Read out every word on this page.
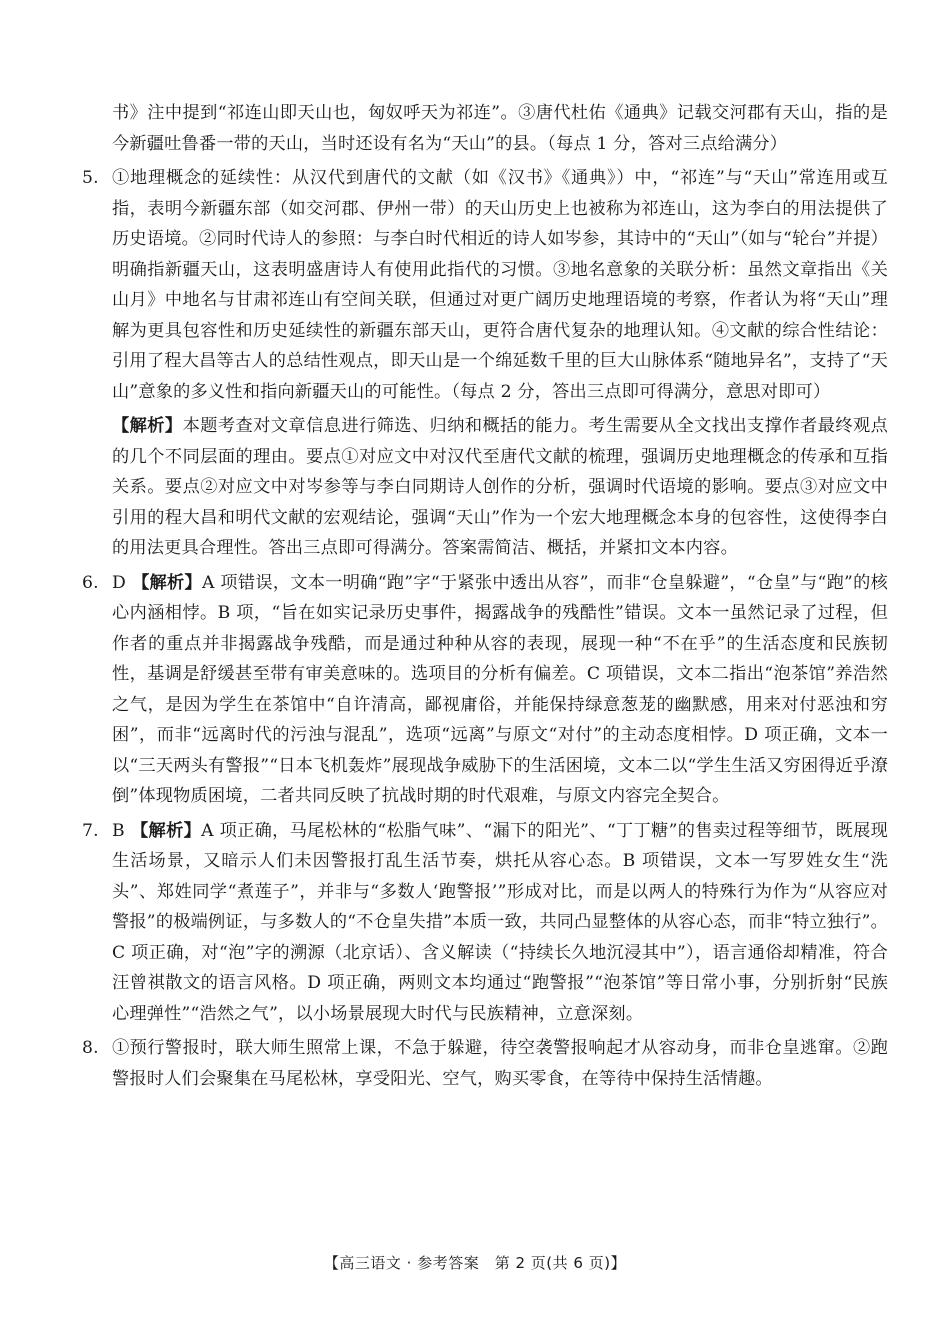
书》注中提到“祁连山即天山也，匈奴呼天为祁连”。③唐代杜佑《通典》记载交河郡有天山，指的是今新疆吐鲁番一带的天山，当时还设有名为“天山”的县。（每点 1 分，答对三点给满分）

5. ①地理概念的延续性：从汉代到唐代的文献（如《汉书》《通典》）中，“祁连”与“天山”常连用或互指，表明今新疆东部（如交河郡、伊州一带）的天山历史上也被称为祁连山，这为李白的用法提供了历史语境。②同时代诗人的参照：与李白时代相近的诗人如岑参，其诗中的“天山”（如与“轮台”并提）明确指新疆天山，这表明盛唐诗人有使用此指代的习惯。③地名意象的关联分析：虽然文章指出《关山月》中地名与甘肃祁连山有空间关联，但通过对更广阔历史地理语境的考察，作者认为将“天山”理解为更具包容性和历史延续性的新疆东部天山，更符合唐代复杂的地理认知。④文献的综合性结论：引用了程大昌等古人的总结性观点，即天山是一个绵延数千里的巨大山脉体系“随地异名”，支持了“天山”意象的多义性和指向新疆天山的可能性。（每点 2 分，答出三点即可得满分，意思对即可）

【解析】本题考查对文章信息进行筛选、归纳和概括的能力。考生需要从全文找出支撑作者最终观点的几个不同层面的理由。要点①对应文中对汉代至唐代文献的梳理，强调历史地理概念的传承和互指关系。要点②对应文中对岑参等与李白同期诗人创作的分析，强调时代语境的影响。要点③对应文中引用的程大昌和明代文献的宏观结论，强调“天山”作为一个宏大地理概念本身的包容性，这使得李白的用法更具合理性。答出三点即可得满分。答案需简洁、概括，并紧扣文本内容。

6. D 【解析】A 项错误，文本一明确“跑”字“于紧张中透出从容”，而非“仓皇躲避”，“仓皇”与“跑”的核心内涵相悖。B 项，“旨在如实记录历史事件，揭露战争的残酷性”错误。文本一虽然记录了过程，但作者的重点并非揭露战争残酷，而是通过种种从容的表现，展现一种“不在乎”的生活态度和民族韧性，基调是舒缓甚至带有审美意味的。选项目的分析有偏差。C 项错误，文本二指出“泡茶馆”养浩然之气，是因为学生在茶馆中“自许清高，鄙视庸俗，并能保持绿意葱茏的幽默感，用来对付恶浊和穷困”，而非“远离时代的污浊与混乱”，选项“远离”与原文“对付”的主动态度相悖。D 项正确，文本一以“三天两头有警报”“日本飞机轰炸”展现战争威胁下的生活困境，文本二以“学生生活又穷困得近乎潦倒”体现物质困境，二者共同反映了抗战时期的时代艰难，与原文内容完全契合。
7. B 【解析】A 项正确，马尾松林的“松脂气味”、“漏下的阳光”、“丁丁糖”的售卖过程等细节，既展现生活场景，又暗示人们未因警报打乱生活节奏，烘托从容心态。B 项错误，文本一写罗姓女生“洗头”、郑姓同学“煮莲子”，并非与“多数人‘跑警报’”形成对比，而是以两人的特殊行为作为“从容应对警报”的极端例证，与多数人的“不仓皇失措”本质一致，共同凸显整体的从容心态，而非“特立独行”。C 项正确，对“泡”字的溯源（北京话）、含义解读（“持续长久地沉浸其中”），语言通俗却精准，符合汪曾祺散文的语言风格。D 项正确，两则文本均通过“跑警报”“泡茶馆”等日常小事，分别折射“民族心理弹性”“浩然之气”，以小场景展现大时代与民族精神，立意深刻。
8. ①预行警报时，联大师生照常上课，不急于躲避，待空袭警报响起才从容动身，而非仓皇逃窜。②跑警报时人们会聚集在马尾松林，享受阳光、空气，购买零食，在等待中保持生活情趣。
【高三语文 · 参考答案　第 2 页(共 6 页)】
